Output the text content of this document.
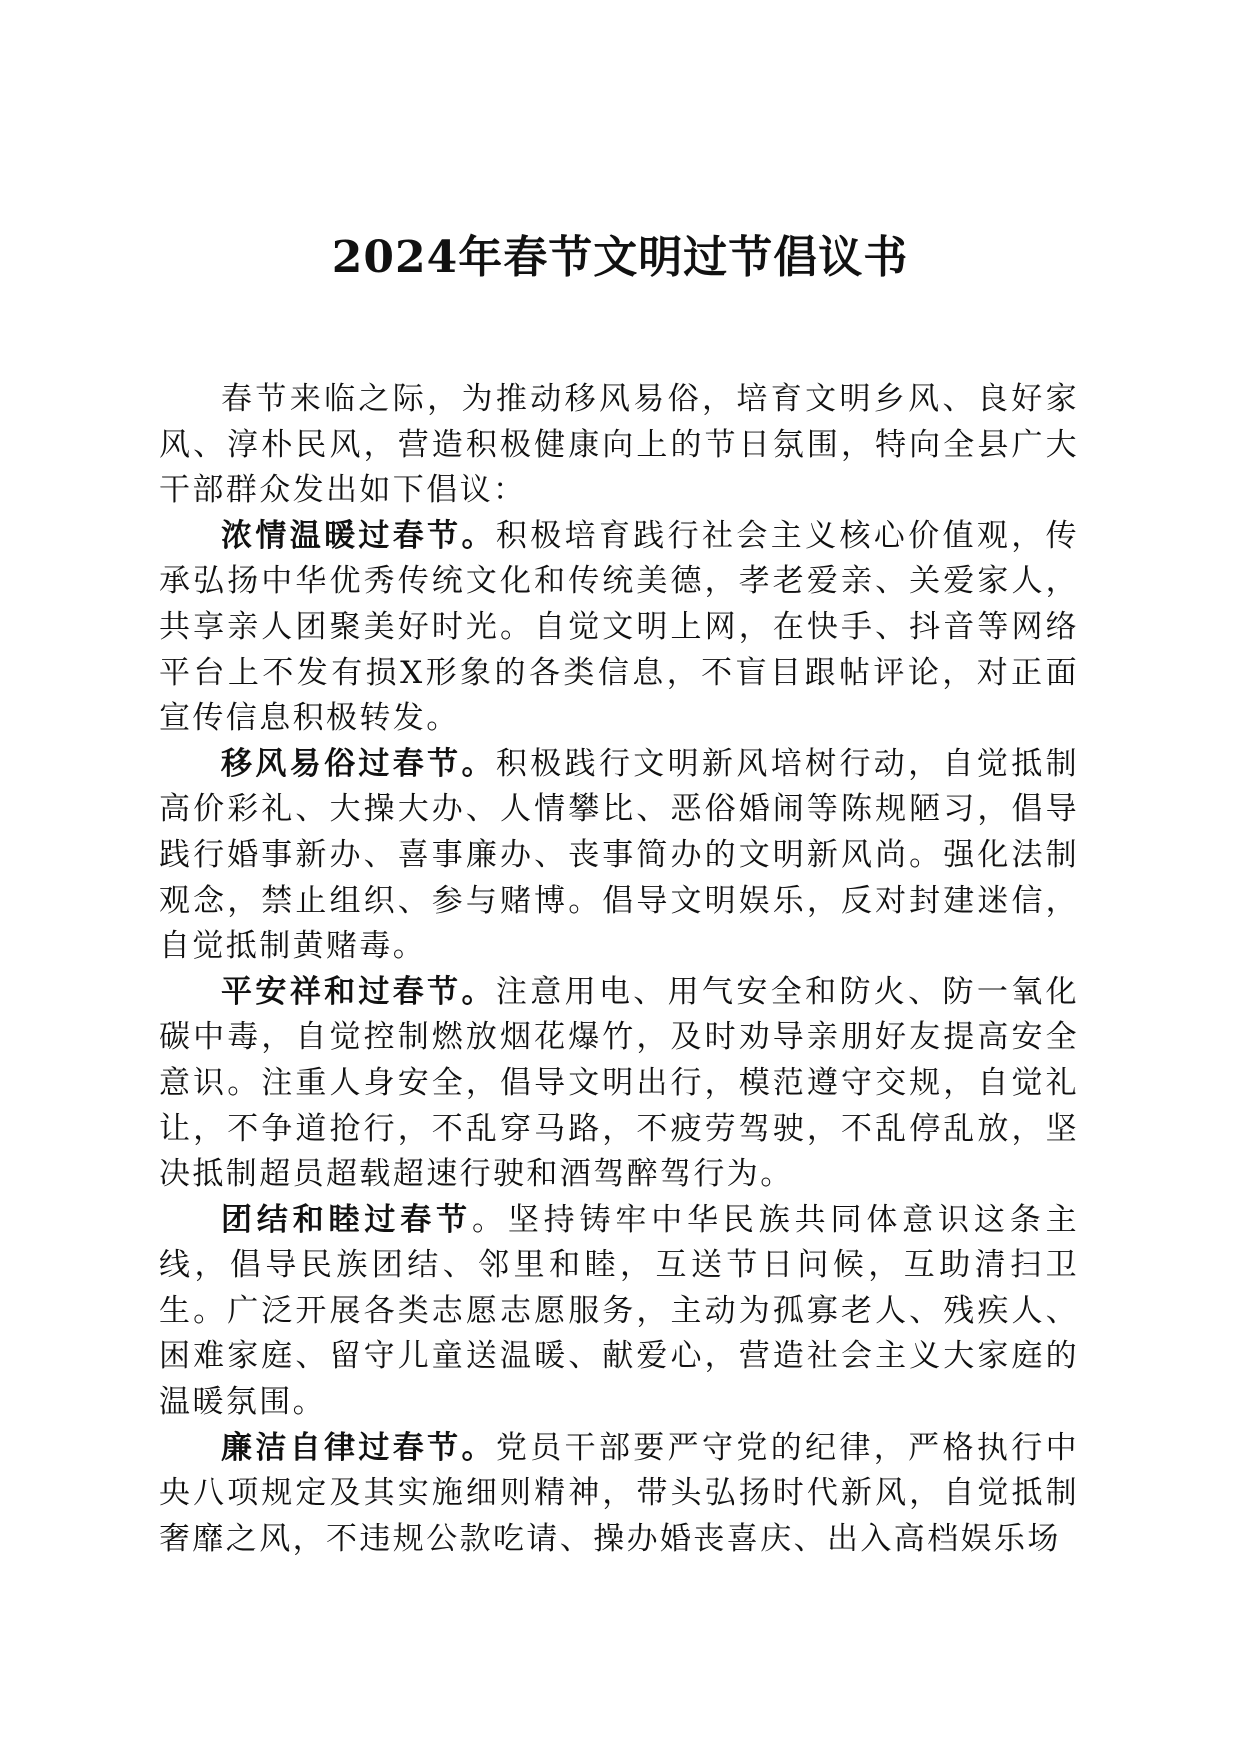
2024年春节文明过节倡议书

春节来临之际，为推动移风易俗，培育文明乡风、良好家风、淳朴民风，营造积极健康向上的节日氛围，特向全县广大干部群众发出如下倡议：

浓情温暖过春节。积极培育践行社会主义核心价值观，传承弘扬中华优秀传统文化和传统美德，孝老爱亲、关爱家人，共享亲人团聚美好时光。自觉文明上网，在快手、抖音等网络平台上不发有损X形象的各类信息，不盲目跟帖评论，对正面宣传信息积极转发。

移风易俗过春节。积极践行文明新风培树行动，自觉抵制高价彩礼、大操大办、人情攀比、恶俗婚闹等陈规陋习，倡导践行婚事新办、喜事廉办、丧事简办的文明新风尚。强化法制观念，禁止组织、参与赌博。倡导文明娱乐，反对封建迷信，自觉抵制黄赌毒。

平安祥和过春节。注意用电、用气安全和防火、防一氧化碳中毒，自觉控制燃放烟花爆竹，及时劝导亲朋好友提高安全意识。注重人身安全，倡导文明出行，模范遵守交规，自觉礼让，不争道抢行，不乱穿马路，不疲劳驾驶，不乱停乱放，坚决抵制超员超载超速行驶和酒驾醉驾行为。

团结和睦过春节。坚持铸牢中华民族共同体意识这条主线，倡导民族团结、邻里和睦，互送节日问候，互助清扫卫生。广泛开展各类志愿志愿服务，主动为孤寡老人、残疾人、困难家庭、留守儿童送温暖、献爱心，营造社会主义大家庭的温暖氛围。

廉洁自律过春节。党员干部要严守党的纪律，严格执行中央八项规定及其实施细则精神，带头弘扬时代新风，自觉抵制奢靡之风，不违规公款吃请、操办婚丧喜庆、出入高档娱乐场
